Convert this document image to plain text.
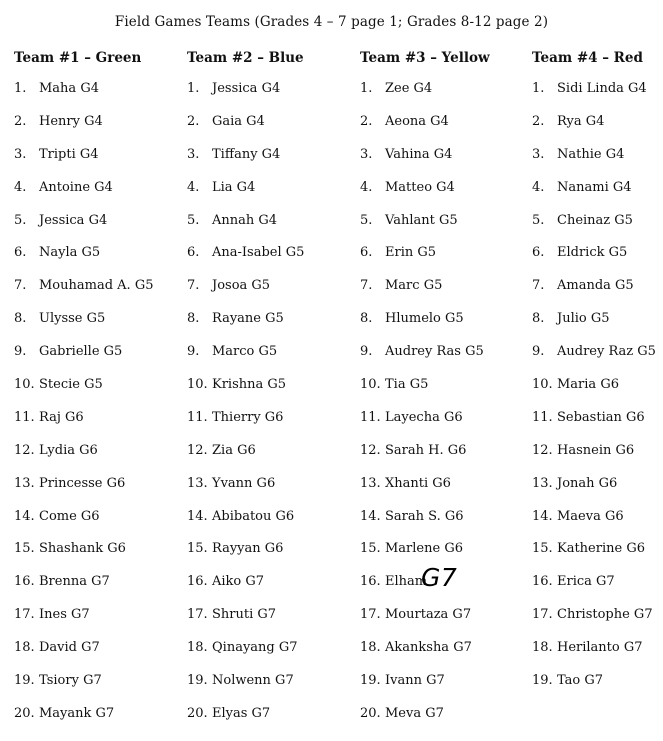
Field Games Teams (Grades 4 – 7 page 1; Grades 8-12 page 2)
Team #1 – Green
1. Maha G4
2. Henry G4
3. Tripti G4
4. Antoine G4
5. Jessica G4
6. Nayla G5
7. Mouhamad A. G5
8. Ulysse G5
9. Gabrielle G5
10. Stecie G5
11. Raj G6
12. Lydia G6
13. Princesse G6
14. Come G6
15. Shashank G6
16. Brenna G7
17. Ines G7
18. David G7
19. Tsiory G7
20. Mayank G7
Team #2 – Blue
1. Jessica G4
2. Gaia G4
3. Tiffany G4
4. Lia G4
5. Annah G4
6. Ana-Isabel G5
7. Josoa G5
8. Rayane G5
9. Marco G5
10. Krishna G5
11. Thierry G6
12. Zia G6
13. Yvann G6
14. Abibatou G6
15. Rayyan G6
16. Aiko G7
17. Shruti G7
18. Qinayang G7
19. Nolwenn G7
20. Elyas G7
Team #3 – Yellow
1. Zee G4
2. Aeona G4
3. Vahina G4
4. Matteo G4
5. Vahlant G5
6. Erin G5
7. Marc G5
8. Hlumelo G5
9. Audrey Ras G5
10. Tia G5
11. Layecha G6
12. Sarah H. G6
13. Xhanti G6
14. Sarah S. G6
15. Marlene G6
16. Elham
17. Mourtaza G7
18. Akanksha G7
19. Ivann G7
20. Meva G7
Team #4 – Red
1. Sidi Linda G4
2. Rya G4
3. Nathie G4
4. Nanami G4
5. Cheinaz G5
6. Eldrick G5
7. Amanda G5
8. Julio G5
9. Audrey Raz G5
10. Maria G6
11. Sebastian G6
12. Hasnein G6
13. Jonah G6
14. Maeva G6
15. Katherine G6
16. Erica G7
17. Christophe G7
18. Herilanto G7
19. Tao G7
G7
